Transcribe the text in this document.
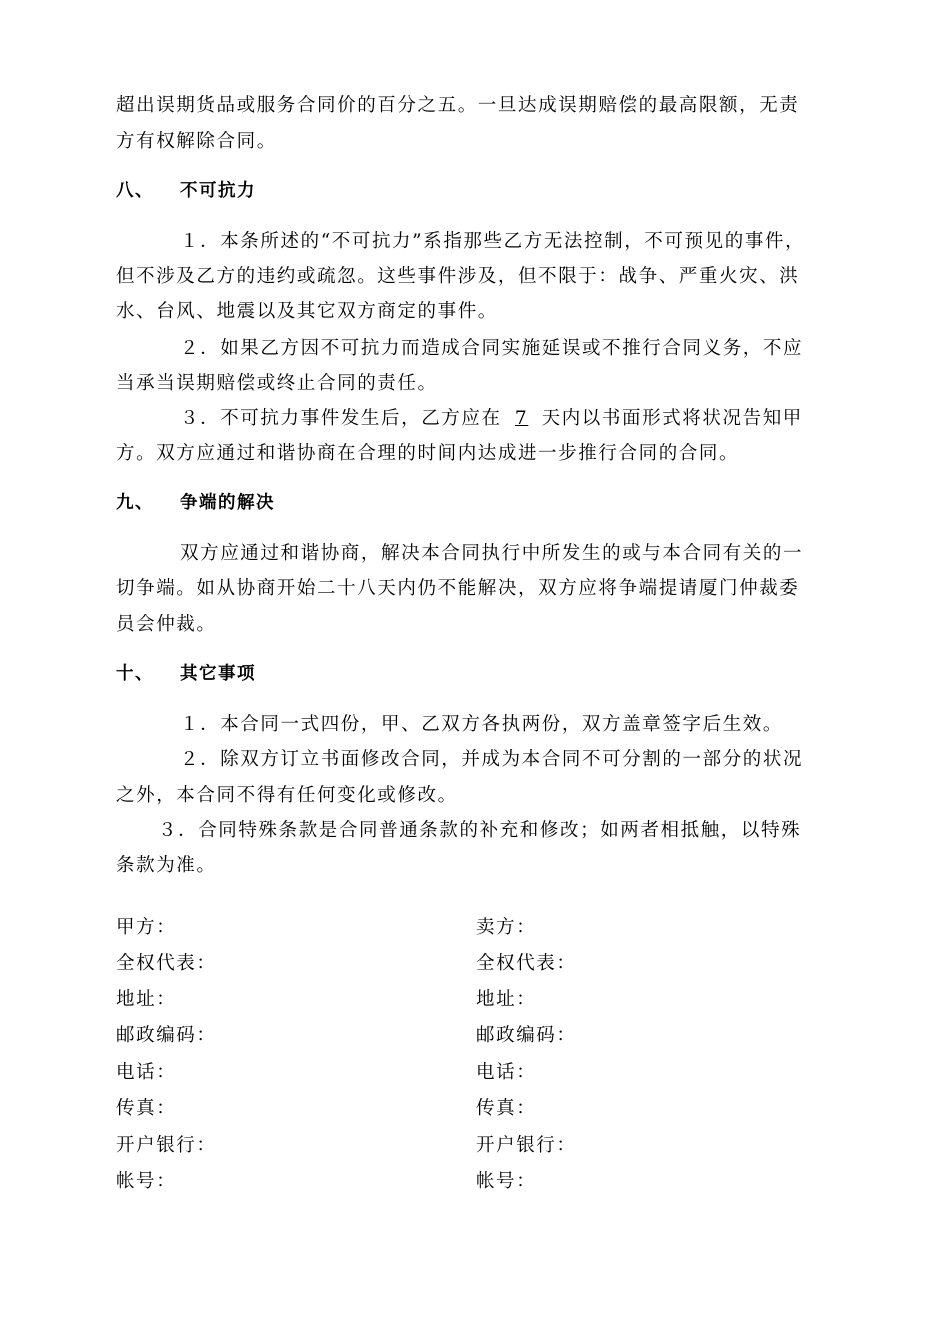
超出误期货品或服务合同价的百分之五。一旦达成误期赔偿的最高限额，无责
方有权解除合同。
八、 不可抗力
１．本条所述的“不可抗力”系指那些乙方无法控制，不可预见的事件，
但不涉及乙方的违约或疏忽。这些事件涉及，但不限于：战争、严重火灾、洪
水、台风、地震以及其它双方商定的事件。
２．如果乙方因不可抗力而造成合同实施延误或不推行合同义务，不应
当承当误期赔偿或终止合同的责任。
３．不可抗力事件发生后，乙方应在 7 天内以书面形式将状况告知甲
方。双方应通过和谐协商在合理的时间内达成进一步推行合同的合同。
九、 争端的解决
双方应通过和谐协商，解决本合同执行中所发生的或与本合同有关的一
切争端。如从协商开始二十八天内仍不能解决，双方应将争端提请厦门仲裁委
员会仲裁。
十、 其它事项
１．本合同一式四份，甲、乙双方各执两份，双方盖章签字后生效。
２．除双方订立书面修改合同，并成为本合同不可分割的一部分的状况
之外，本合同不得有任何变化或修改。
３．合同特殊条款是合同普通条款的补充和修改；如两者相抵触，以特殊
条款为准。
甲方：	卖方：
全权代表：	全权代表：
地址：	地址：
邮政编码：	邮政编码：
电话：	电话：
传真：	传真：
开户银行：	开户银行：
帐号：	帐号：
